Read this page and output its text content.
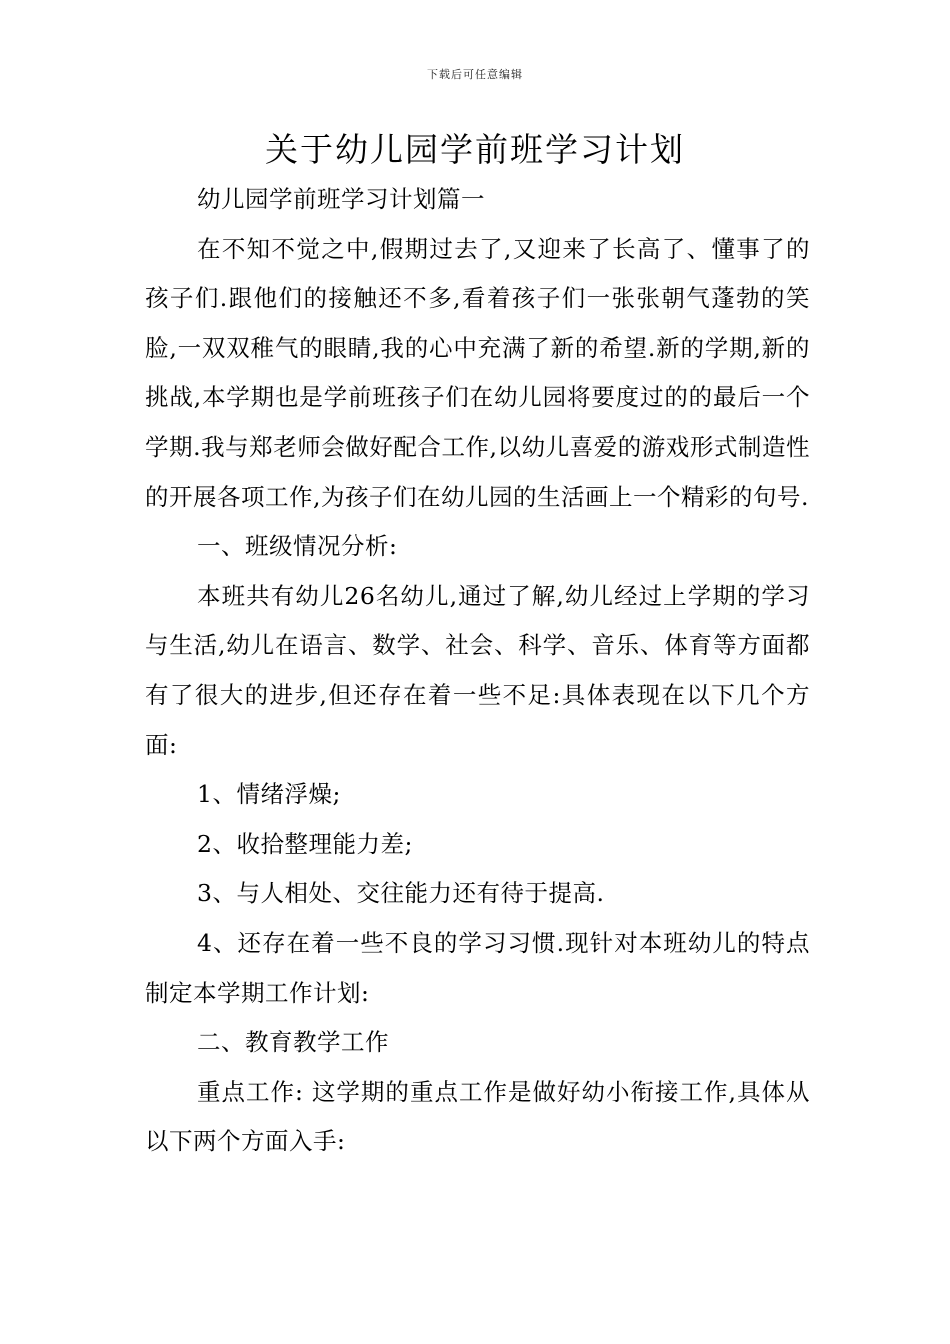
下载后可任意编辑
关于幼儿园学前班学习计划

幼儿园学前班学习计划篇一

在不知不觉之中,假期过去了,又迎来了长高了、懂事了的孩子们.跟他们的接触还不多,看着孩子们一张张朝气蓬勃的笑脸,一双双稚气的眼睛,我的心中充满了新的希望.新的学期,新的挑战,本学期也是学前班孩子们在幼儿园将要度过的的最后一个学期.我与郑老师会做好配合工作,以幼儿喜爱的游戏形式制造性的开展各项工作,为孩子们在幼儿园的生活画上一个精彩的句号.

一、班级情况分析:

本班共有幼儿26名幼儿,通过了解,幼儿经过上学期的学习与生活,幼儿在语言、数学、社会、科学、音乐、体育等方面都有了很大的进步,但还存在着一些不足:具体表现在以下几个方面:

1、情绪浮燥;

2、收拾整理能力差;

3、与人相处、交往能力还有待于提高.

4、还存在着一些不良的学习习惯.现针对本班幼儿的特点制定本学期工作计划:

二、教育教学工作

重点工作: 这学期的重点工作是做好幼小衔接工作,具体从以下两个方面入手:
